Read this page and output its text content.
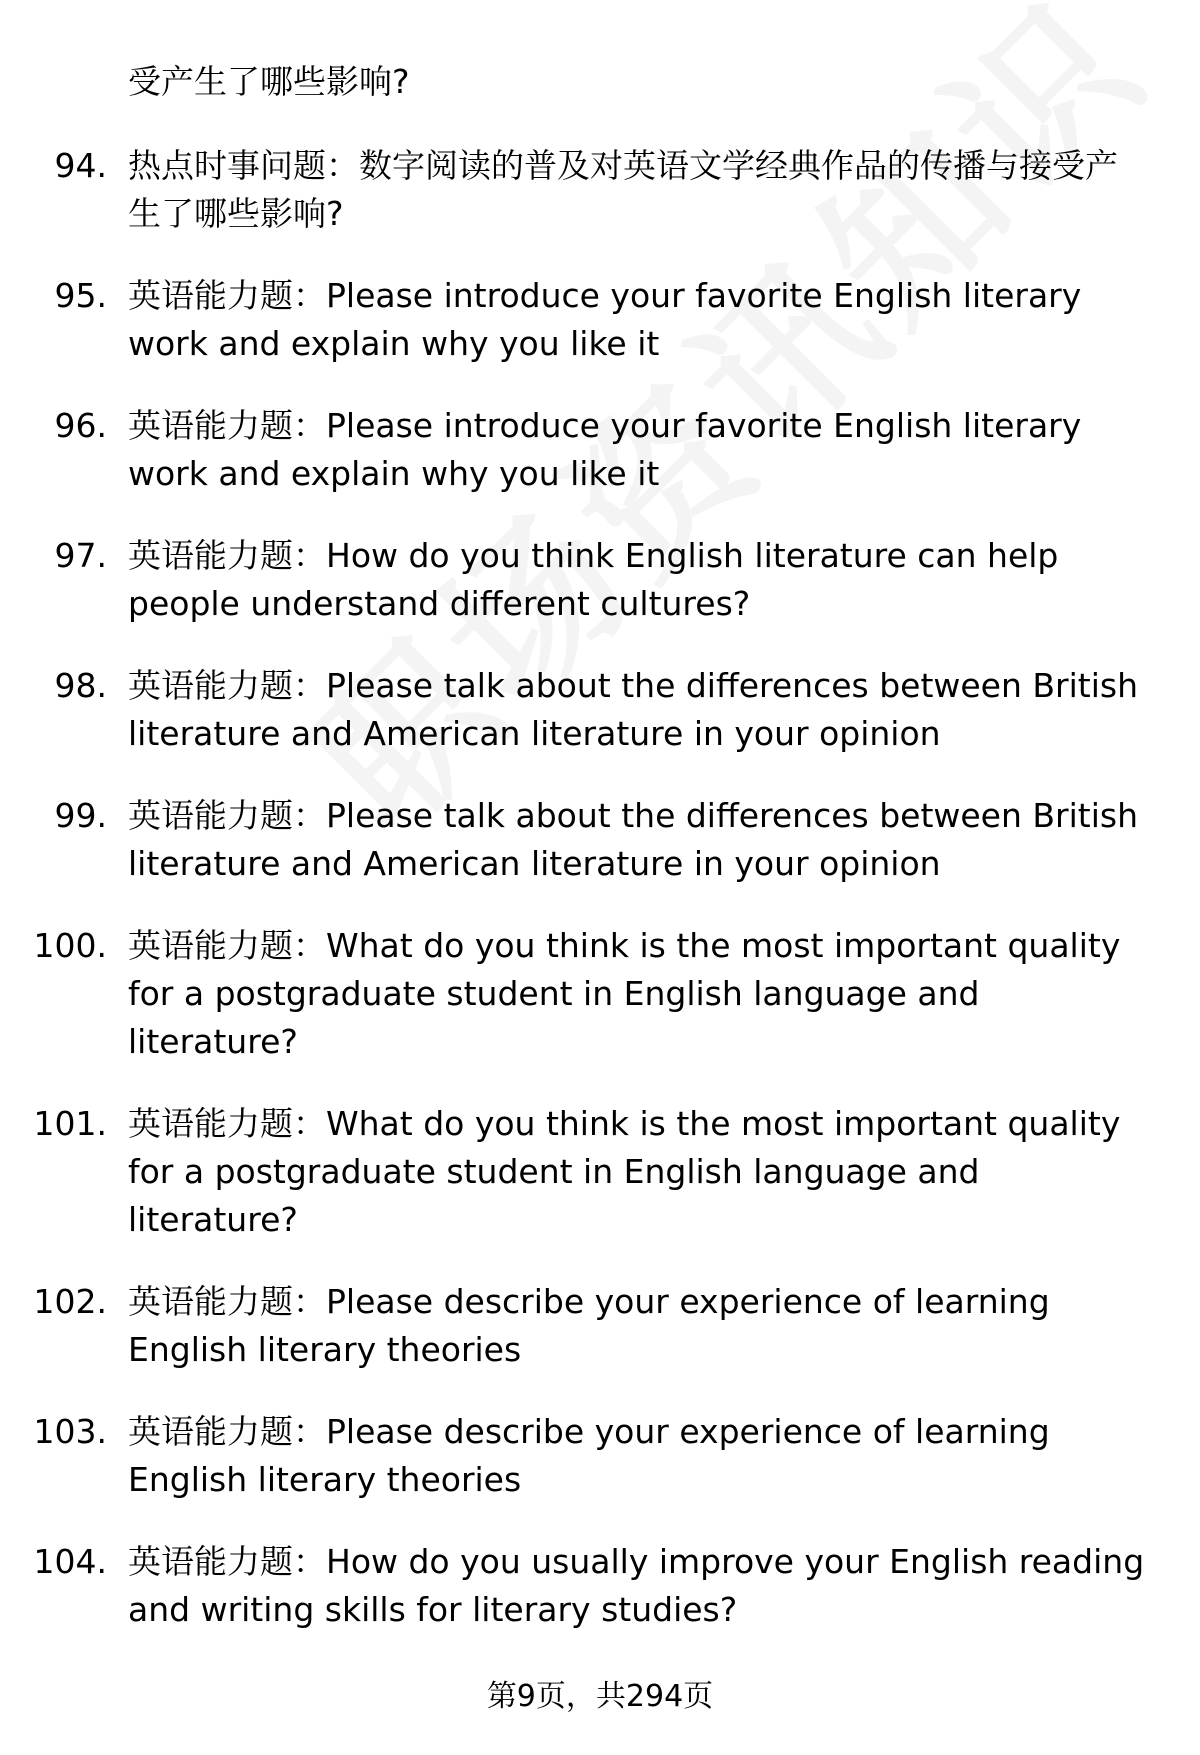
受产生了哪些影响?

94. 热点时事问题：数字阅读的普及对英语文学经典作品的传播与接受产生了哪些影响?
95. 英语能力题：Please introduce your favorite English literary work and explain why you like it
96. 英语能力题：Please introduce your favorite English literary work and explain why you like it
97. 英语能力题：How do you think English literature can help people understand different cultures?
98. 英语能力题：Please talk about the differences between British literature and American literature in your opinion
99. 英语能力题：Please talk about the differences between British literature and American literature in your opinion
100. 英语能力题：What do you think is the most important quality for a postgraduate student in English language and literature?
101. 英语能力题：What do you think is the most important quality for a postgraduate student in English language and literature?
102. 英语能力题：Please describe your experience of learning English literary theories
103. 英语能力题：Please describe your experience of learning English literary theories
104. 英语能力题：How do you usually improve your English reading and writing skills for literary studies?
第9页，共294页
